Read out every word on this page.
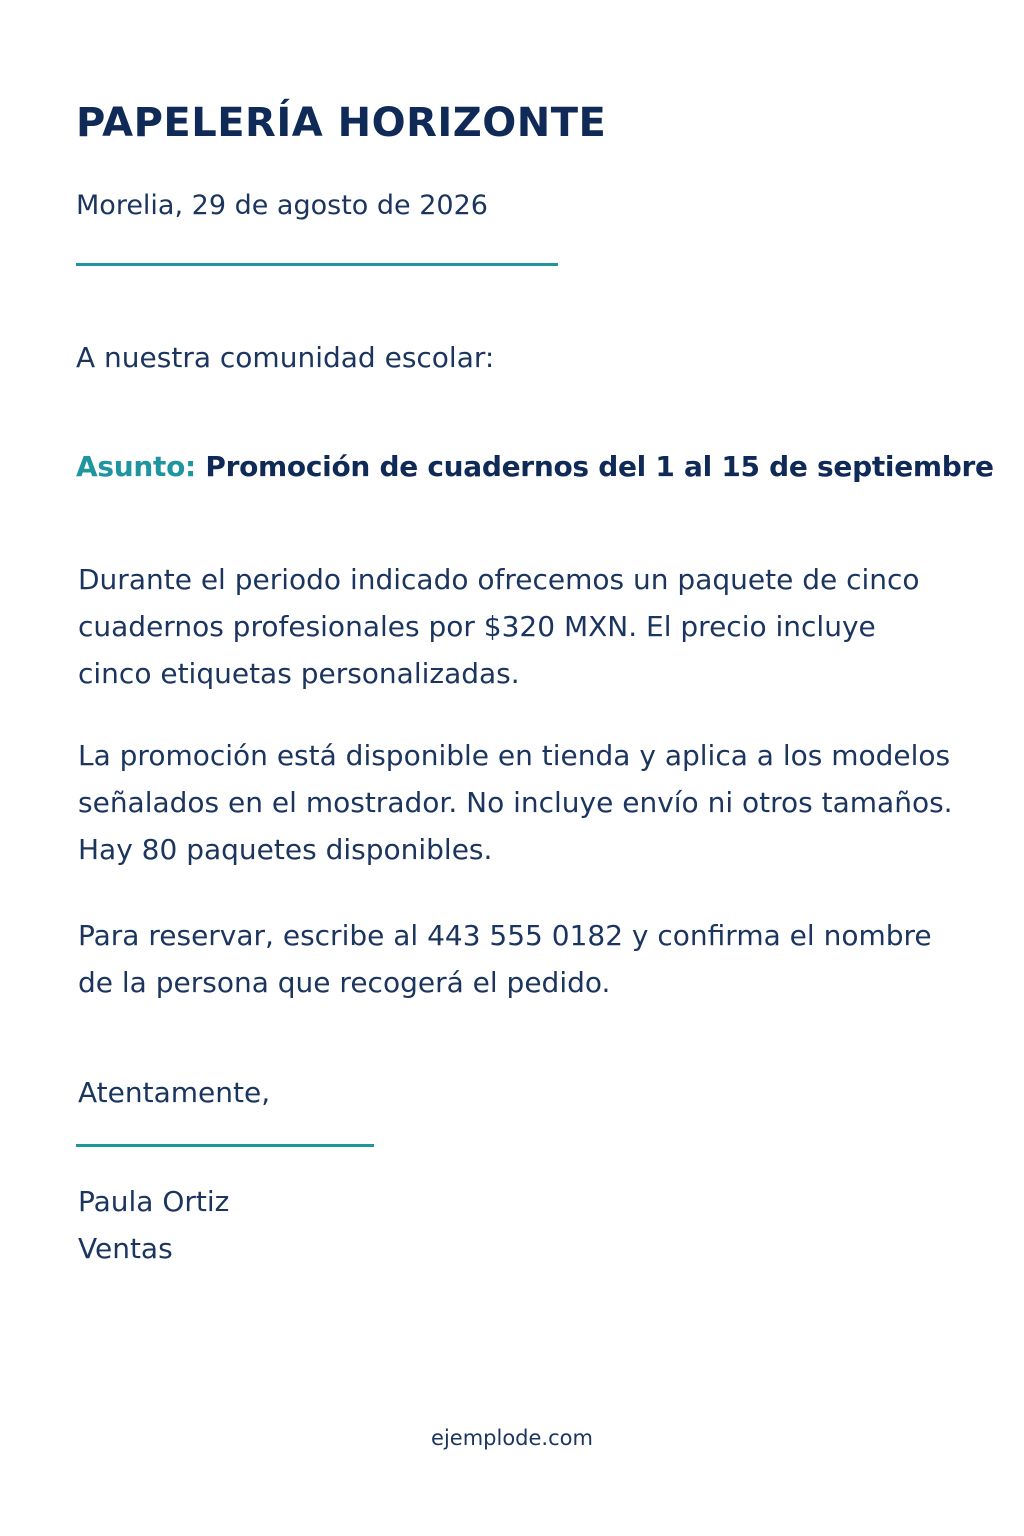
PAPELERÍA HORIZONTE
Morelia, 29 de agosto de 2026
A nuestra comunidad escolar:
Asunto: Promoción de cuadernos del 1 al 15 de septiembre

Durante el periodo indicado ofrecemos un paquete de cinco cuadernos profesionales por $320 MXN. El precio incluye cinco etiquetas personalizadas.

La promoción está disponible en tienda y aplica a los modelos señalados en el mostrador. No incluye envío ni otros tamaños. Hay 80 paquetes disponibles.

Para reservar, escribe al 443 555 0182 y confirma el nombre de la persona que recogerá el pedido.

Atentamente,
Paula Ortiz
Ventas
ejemplode.com
